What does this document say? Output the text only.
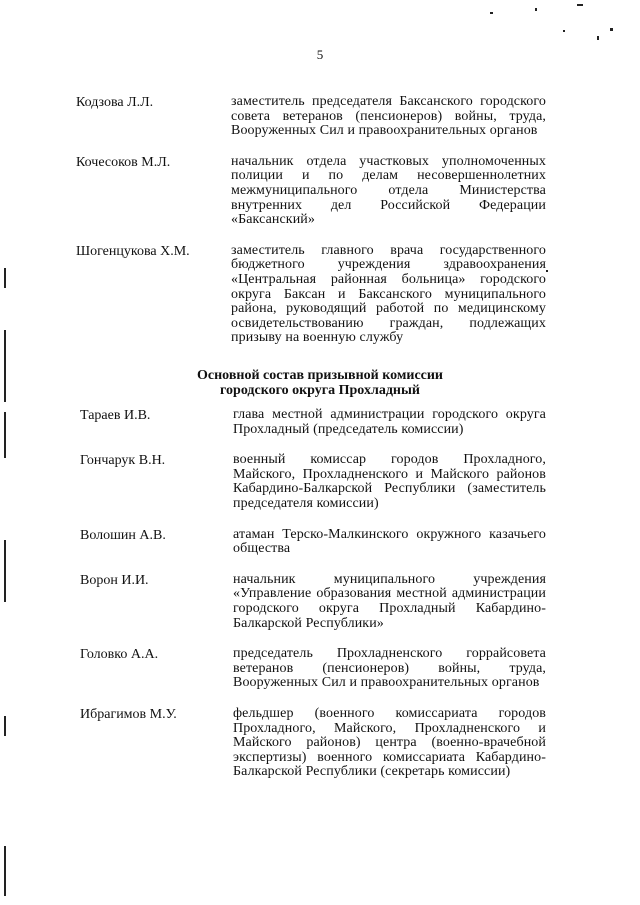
5
Кодзова Л.Л.	заместитель председателя Баксанского городского совета ветеранов (пенсионеров) войны, труда, Вооруженных Сил и правоохранительных органов
Кочесоков М.Л.	начальник отдела участковых уполномоченных полиции и по делам несовершеннолетних межмуниципального отдела Министерства внутренних дел Российской Федерации «Баксанский»
Шогенцукова Х.М.	заместитель главного врача государственного бюджетного учреждения здравоохранения «Центральная районная больница» городского округа Баксан и Баксанского муниципального района, руководящий работой по медицинскому освидетельствованию граждан, подлежащих призыву на военную службу
Основной состав призывной комиссии
городского округа Прохладный
Тараев И.В.	глава местной администрации городского округа Прохладный (председатель комиссии)
Гончарук В.Н.	военный комиссар городов Прохладного, Майского, Прохладненского и Майского районов Кабардино-Балкарской Республики (заместитель председателя комиссии)
Волошин А.В.	атаман Терско-Малкинского окружного казачьего общества
Ворон И.И.	начальник муниципального учреждения «Управление образования местной администрации городского округа Прохладный Кабардино-Балкарской Республики»
Головко А.А.	председатель Прохладненского горрайсовета ветеранов (пенсионеров) войны, труда, Вооруженных Сил и правоохранительных органов
Ибрагимов М.У.	фельдшер (военного комиссариата городов Прохладного, Майского, Прохладненского и Майского районов) центра (военно-врачебной экспертизы) военного комиссариата Кабардино-Балкарской Республики (секретарь комиссии)
